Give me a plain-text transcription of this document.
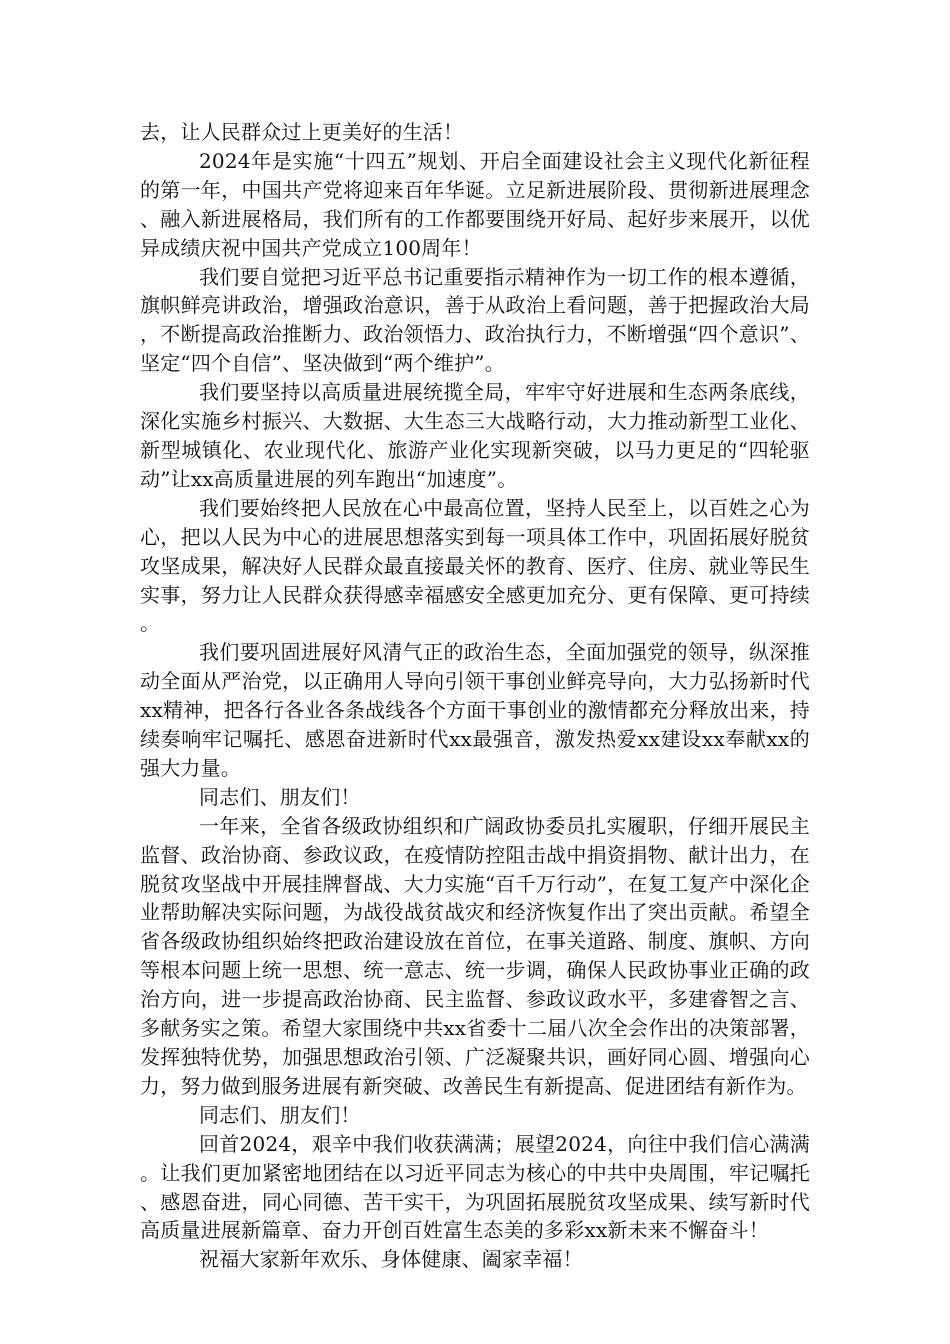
去，让人民群众过上更美好的生活！

2024年是实施“十四五”规划、开启全面建设社会主义现代化新征程的第一年，中国共产党将迎来百年华诞。立足新进展阶段、贯彻新进展理念、融入新进展格局，我们所有的工作都要围绕开好局、起好步来展开，以优异成绩庆祝中国共产党成立100周年！

我们要自觉把习近平总书记重要指示精神作为一切工作的根本遵循，旗帜鲜亮讲政治，增强政治意识，善于从政治上看问题，善于把握政治大局，不断提高政治推断力、政治领悟力、政治执行力，不断增强“四个意识”、坚定“四个自信”、坚决做到“两个维护”。

我们要坚持以高质量进展统揽全局，牢牢守好进展和生态两条底线，深化实施乡村振兴、大数据、大生态三大战略行动，大力推动新型工业化、新型城镇化、农业现代化、旅游产业化实现新突破，以马力更足的“四轮驱动”让xx高质量进展的列车跑出“加速度”。

我们要始终把人民放在心中最高位置，坚持人民至上，以百姓之心为心，把以人民为中心的进展思想落实到每一项具体工作中，巩固拓展好脱贫攻坚成果，解决好人民群众最直接最关怀的教育、医疗、住房、就业等民生实事，努力让人民群众获得感幸福感安全感更加充分、更有保障、更可持续。

我们要巩固进展好风清气正的政治生态，全面加强党的领导，纵深推动全面从严治党，以正确用人导向引领干事创业鲜亮导向，大力弘扬新时代xx精神，把各行各业各条战线各个方面干事创业的激情都充分释放出来，持续奏响牢记嘱托、感恩奋进新时代xx最强音，激发热爱xx建设xx奉献xx的强大力量。

同志们、朋友们！

一年来，全省各级政协组织和广阔政协委员扎实履职，仔细开展民主监督、政治协商、参政议政，在疫情防控阻击战中捐资捐物、献计出力，在脱贫攻坚战中开展挂牌督战、大力实施“百千万行动”，在复工复产中深化企业帮助解决实际问题，为战役战贫战灾和经济恢复作出了突出贡献。希望全省各级政协组织始终把政治建设放在首位，在事关道路、制度、旗帜、方向等根本问题上统一思想、统一意志、统一步调，确保人民政协事业正确的政治方向，进一步提高政治协商、民主监督、参政议政水平，多建睿智之言、多献务实之策。希望大家围绕中共xx省委十二届八次全会作出的决策部署，发挥独特优势，加强思想政治引领、广泛凝聚共识，画好同心圆、增强向心力，努力做到服务进展有新突破、改善民生有新提高、促进团结有新作为。

同志们、朋友们！

回首2024，艰辛中我们收获满满；展望2024，向往中我们信心满满。让我们更加紧密地团结在以习近平同志为核心的中共中央周围，牢记嘱托、感恩奋进，同心同德、苦干实干，为巩固拓展脱贫攻坚成果、续写新时代高质量进展新篇章、奋力开创百姓富生态美的多彩xx新未来不懈奋斗！

祝福大家新年欢乐、身体健康、阖家幸福！
